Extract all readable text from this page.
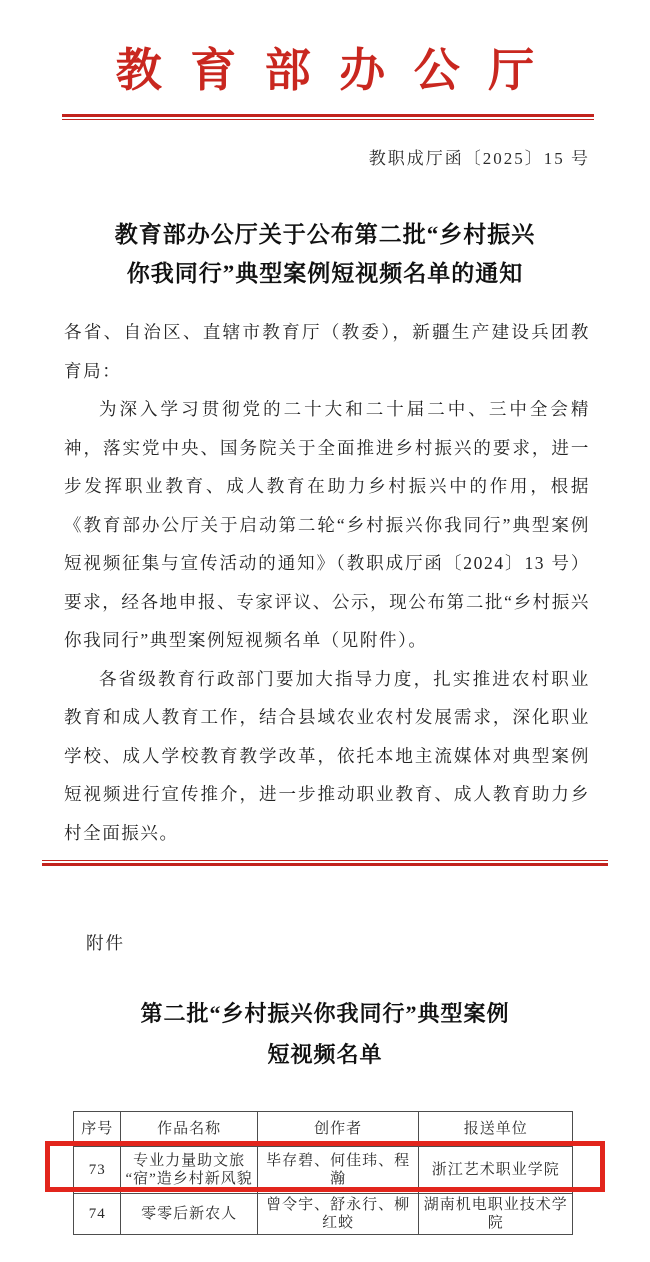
教育部办公厅
教职成厅函〔2025〕15 号
教育部办公厅关于公布第二批“乡村振兴
你我同行”典型案例短视频名单的通知

各省、自治区、直辖市教育厅（教委），新疆生产建设兵团教育局：

为深入学习贯彻党的二十大和二十届二中、三中全会精神，落实党中央、国务院关于全面推进乡村振兴的要求，进一步发挥职业教育、成人教育在助力乡村振兴中的作用，根据《教育部办公厅关于启动第二轮“乡村振兴你我同行”典型案例短视频征集与宣传活动的通知》（教职成厅函〔2024〕13 号）要求，经各地申报、专家评议、公示，现公布第二批“乡村振兴你我同行”典型案例短视频名单（见附件）。

各省级教育行政部门要加大指导力度，扎实推进农村职业教育和成人教育工作，结合县域农业农村发展需求，深化职业学校、成人学校教育教学改革，依托本地主流媒体对典型案例短视频进行宣传推介，进一步推动职业教育、成人教育助力乡村全面振兴。

附件
第二批“乡村振兴你我同行”典型案例
短视频名单
序号	作品名称	创作者	报送单位
73	专业力量助文旅
“宿”造乡村新风貌	毕存碧、何佳玮、程瀚	浙江艺术职业学院
74	零零后新农人	曾令宇、舒永行、柳红蛟	湖南机电职业技术学院
